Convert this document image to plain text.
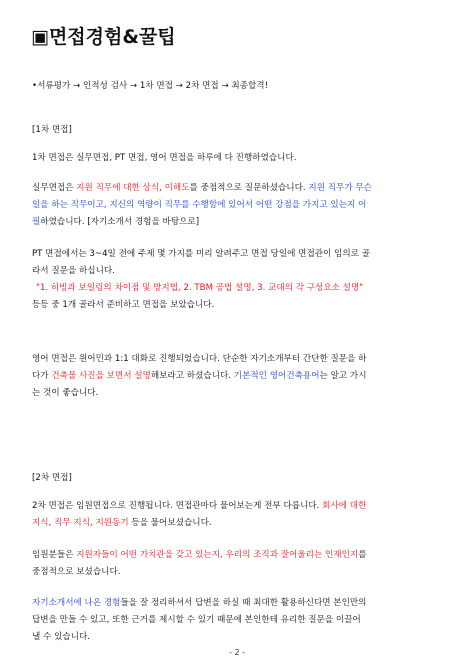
▣면접경험&꿀팁

•서류평가 → 인적성 검사 → 1차 면접 → 2차 면접 → 최종합격!

[1차 면접]

1차 면접은 실무면접, PT 면접, 영어 면접을 하루에 다 진행하였습니다.

실무면접은 지원 직무에 대한 상식, 이해도를 중점적으로 질문하셨습니다. 지원 직무가 무슨
일을 하는 직무이고, 지신의 역량이 직무를 수행함에 있어서 어떤 강점을 가지고 있는지 어
필하였습니다. [자기소개서 경험을 바탕으로]

PT 면접에서는 3~4일 전에 주제 몇 가지를 미리 알려주고 면접 당일에 면접관이 임의로 골
라서 질문을 하십니다.
"1. 히빙과 보일링의 차이점 및 방지법, 2. TBM 공법 설명, 3. 교대의 각 구성요소 설명"
등등 중 1개 골라서 준비하고 면접을 보았습니다.

영어 면접은 원어민과 1:1 대화로 진행되었습니다. 단순한 자기소개부터 간단한 질문을 하
다가 건축물 사진을 보면서 설명해보라고 하셨습니다. 기본적인 영어건축용어는 알고 가시
는 것이 좋습니다.

[2차 면접]

2차 면접은 임원면접으로 진행됩니다. 면접관마다 물어보는게 전부 다릅니다. 회사에 대한
지식, 직무 지식, 지원동기 등을 물어보셨습니다.

임원분들은 지원자들이 어떤 가치관을 갖고 있는지, 우리의 조직과 잘어울리는 인재인지를
중점적으로 보셨습니다.

자기소개서에 나온 경험들을 잘 정리하셔서 답변을 하실 때 최대한 활용하신다면 본인만의
답변을 만들 수 있고, 또한 근거를 제시할 수 있기 때문에 본인한테 유리한 질문을 이끌어
낼 수 있습니다.

- 2 -
